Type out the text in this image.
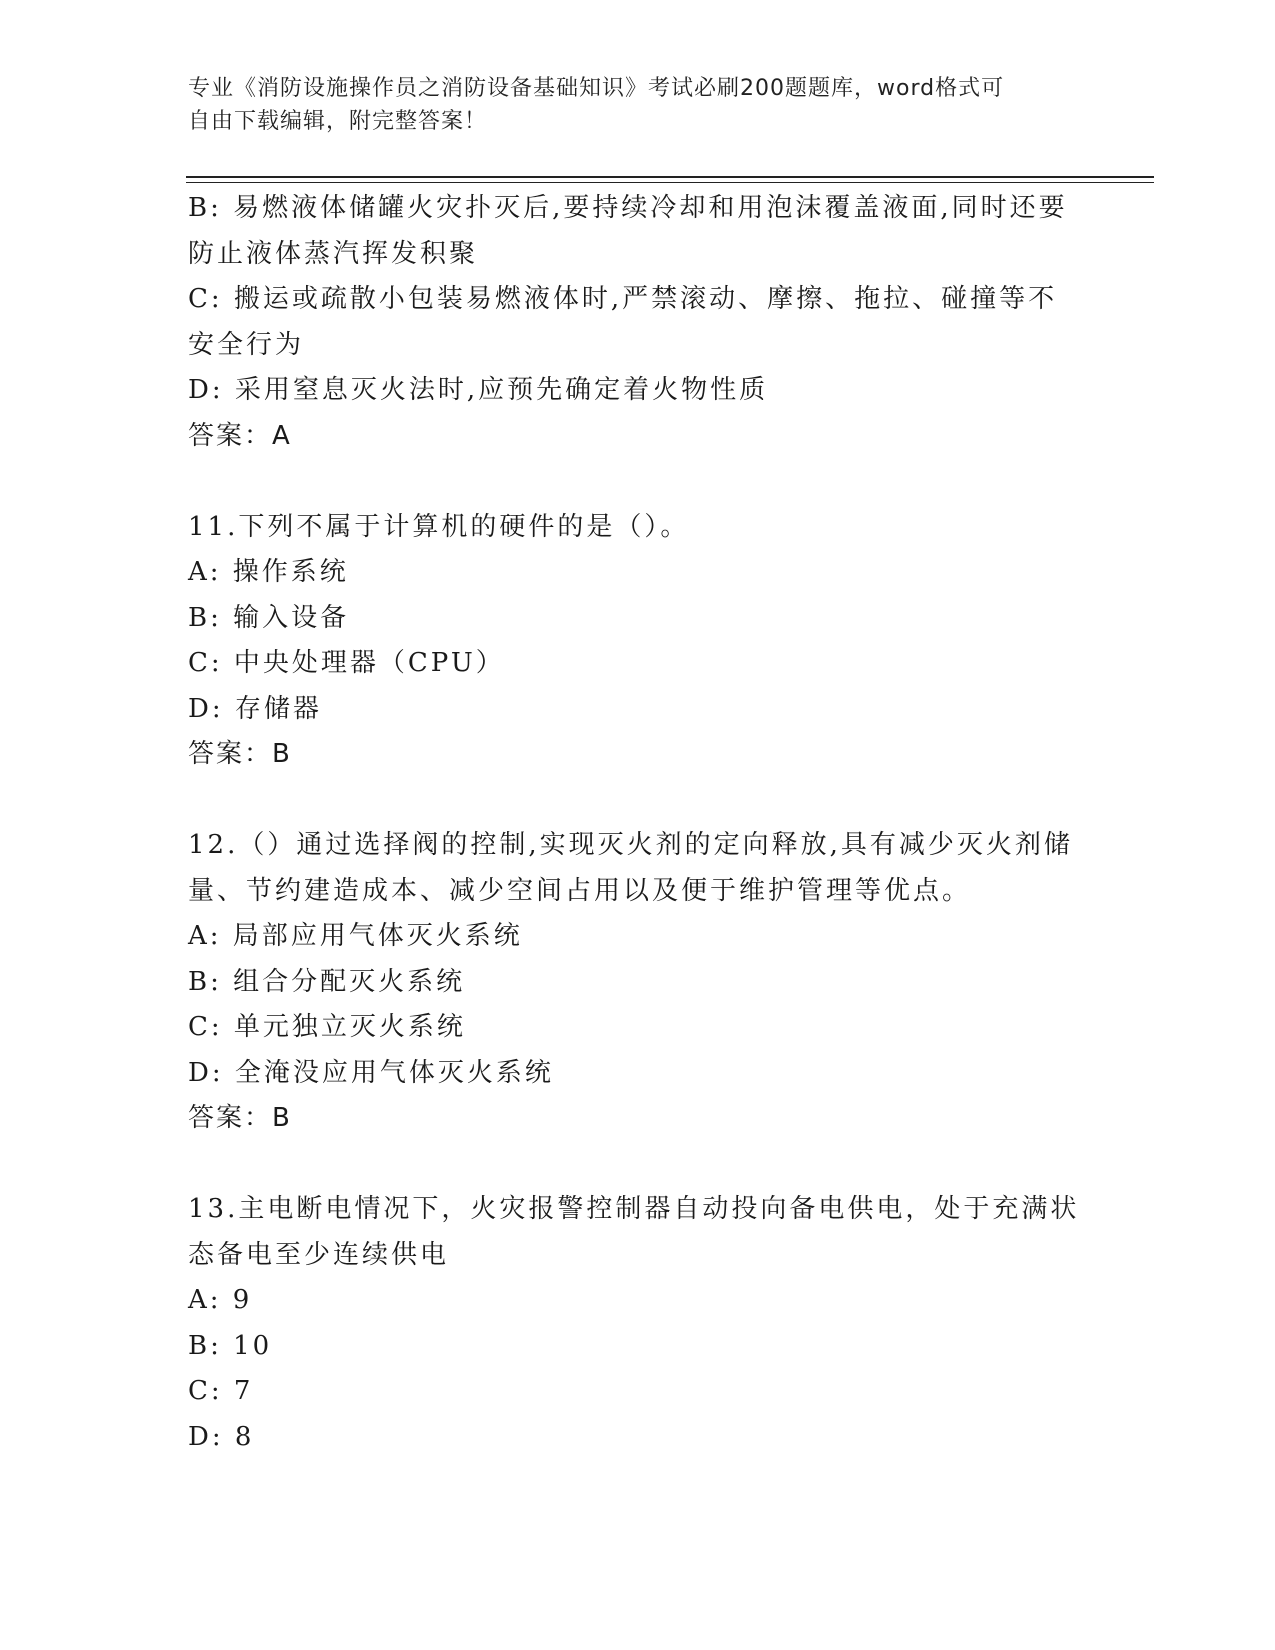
专业《消防设施操作员之消防设备基础知识》考试必刷200题题库，word格式可
自由下载编辑，附完整答案！
B: 易燃液体储罐火灾扑灭后,要持续冷却和用泡沫覆盖液面,同时还要
防止液体蒸汽挥发积聚
C: 搬运或疏散小包装易燃液体时,严禁滚动、摩擦、拖拉、碰撞等不
安全行为
D: 采用窒息灭火法时,应预先确定着火物性质
答案：A
11.下列不属于计算机的硬件的是（）。
A: 操作系统
B: 输入设备
C: 中央处理器（CPU）
D: 存储器
答案：B
12.（）通过选择阀的控制,实现灭火剂的定向释放,具有减少灭火剂储
量、节约建造成本、减少空间占用以及便于维护管理等优点。
A: 局部应用气体灭火系统
B: 组合分配灭火系统
C: 单元独立灭火系统
D: 全淹没应用气体灭火系统
答案：B
13.主电断电情况下，火灾报警控制器自动投向备电供电，处于充满状
态备电至少连续供电
A: 9
B: 10
C: 7
D: 8
